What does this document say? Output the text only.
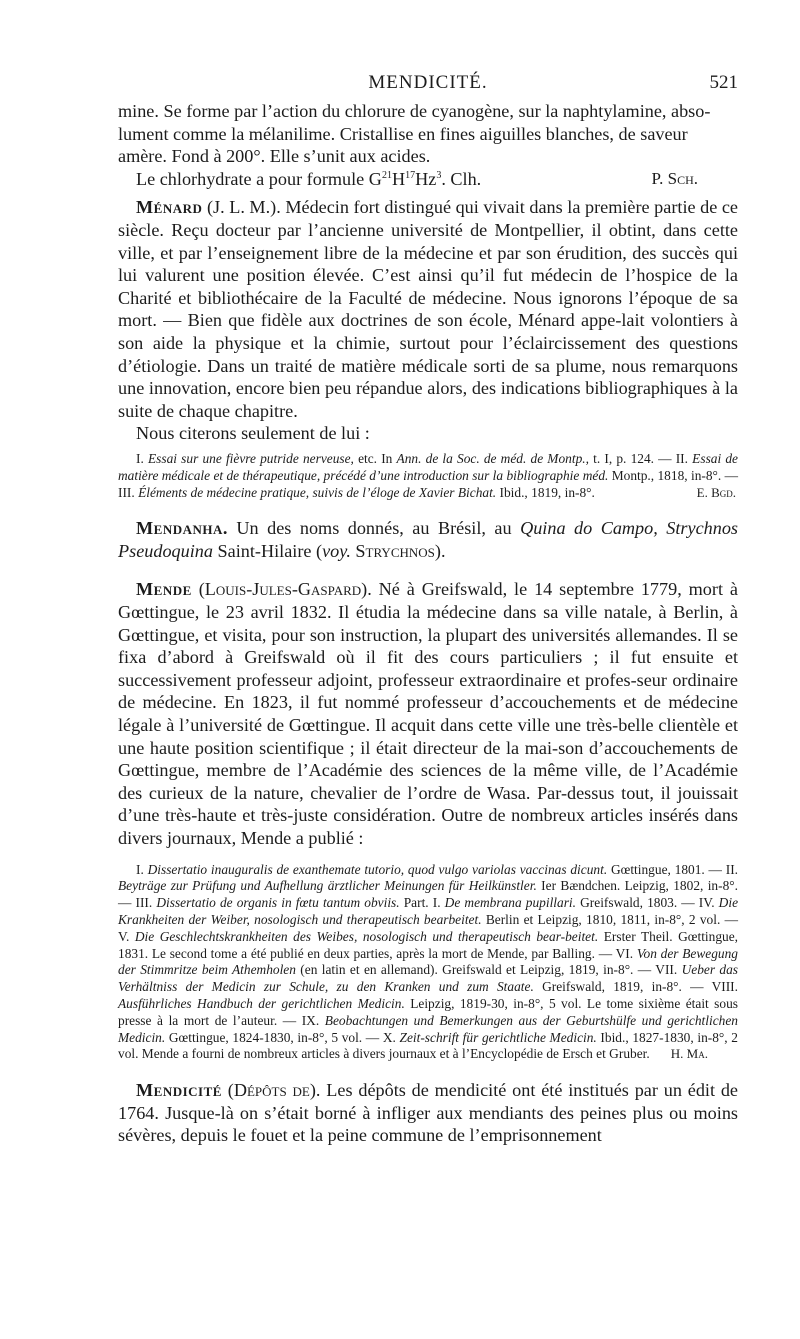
MENDICITÉ.	521

mine. Se forme par l’action du chlorure de cyanogène, sur la naphtylamine, abso-

lument comme la mélanilime. Cristallise en fines aiguilles blanches, de saveur

amère. Fond à 200°. Elle s’unit aux acides.

Le chlorhydrate a pour formule $G^{21}H^{17}Hz^3$. Clh.	P. Sch.

Ménard (J. L. M.). Médecin fort distingué qui vivait dans la première partie de ce siècle. Reçu docteur par l’ancienne université de Montpellier, il obtint, dans cette ville, et par l’enseignement libre de la médecine et par son érudition, des succès qui lui valurent une position élevée. C’est ainsi qu’il fut médecin de l’hospice de la Charité et bibliothécaire de la Faculté de médecine. Nous ignorons l’époque de sa mort. — Bien que fidèle aux doctrines de son école, Ménard appe-lait volontiers à son aide la physique et la chimie, surtout pour l’éclaircissement des questions d’étiologie. Dans un traité de matière médicale sorti de sa plume, nous remarquons une innovation, encore bien peu répandue alors, des indications bibliographiques à la suite de chaque chapitre.

Nous citerons seulement de lui :

I. Essai sur une fièvre putride nerveuse, etc. In Ann. de la Soc. de méd. de Montp., t. I, p. 124. — II. Essai de matière médicale et de thérapeutique, précédé d’une introduction sur la bibliographie méd. Montp., 1818, in-8°. — III. Éléments de médecine pratique, suivis de l’éloge de Xavier Bichat. Ibid., 1819, in-8°.	E. Bgd.

Mendanha. Un des noms donnés, au Brésil, au Quina do Campo, Strychnos Pseudoquina Saint-Hilaire (voy. Strychnos).

Mende (Louis-Jules-Gaspard). Né à Greifswald, le 14 septembre 1779, mort à Gœttingue, le 23 avril 1832. Il étudia la médecine dans sa ville natale, à Berlin, à Gœttingue, et visita, pour son instruction, la plupart des universités allemandes. Il se fixa d’abord à Greifswald où il fit des cours particuliers ; il fut ensuite et successivement professeur adjoint, professeur extraordinaire et profes-seur ordinaire de médecine. En 1823, il fut nommé professeur d’accouchements et de médecine légale à l’université de Gœttingue. Il acquit dans cette ville une très-belle clientèle et une haute position scientifique ; il était directeur de la mai-son d’accouchements de Gœttingue, membre de l’Académie des sciences de la même ville, de l’Académie des curieux de la nature, chevalier de l’ordre de Wasa. Par-dessus tout, il jouissait d’une très-haute et très-juste considération. Outre de nombreux articles insérés dans divers journaux, Mende a publié :

I. Dissertatio inauguralis de exanthemate tutorio, quod vulgo variolas vaccinas dicunt. Gœttingue, 1801. — II. Beyträge zur Prüfung und Aufhellung ärztlicher Meinungen für Heilkünstler. Ier Bændchen. Leipzig, 1802, in-8°. — III. Dissertatio de organis in fœtu tantum obviis. Part. I. De membrana pupillari. Greifswald, 1803. — IV. Die Krankheiten der Weiber, nosologisch und therapeutisch bearbeitet. Berlin et Leipzig, 1810, 1811, in-8°, 2 vol. — V. Die Geschlechtskrankheiten des Weibes, nosologisch und therapeutisch bear-beitet. Erster Theil. Gœttingue, 1831. Le second tome a été publié en deux parties, après la mort de Mende, par Balling. — VI. Von der Bewegung der Stimmritze beim Athemholen (en latin et en allemand). Greifswald et Leipzig, 1819, in-8°. — VII. Ueber das Verhältniss der Medicin zur Schule, zu den Kranken und zum Staate. Greifswald, 1819, in-8°. — VIII. Ausführliches Handbuch der gerichtlichen Medicin. Leipzig, 1819-30, in-8°, 5 vol. Le tome sixième était sous presse à la mort de l’auteur. — IX. Beobachtungen und Bemerkungen aus der Geburtshülfe und gerichtlichen Medicin. Gœttingue, 1824-1830, in-8°, 5 vol. — X. Zeit-schrift für gerichtliche Medicin. Ibid., 1827-1830, in-8°, 2 vol. Mende a fourni de nombreux articles à divers journaux et à l’Encyclopédie de Ersch et Gruber.	H. Ma.

Mendicité (Dépôts de). Les dépôts de mendicité ont été institués par un édit de 1764. Jusque-là on s’était borné à infliger aux mendiants des peines plus ou moins sévères, depuis le fouet et la peine commune de l’emprisonnement
